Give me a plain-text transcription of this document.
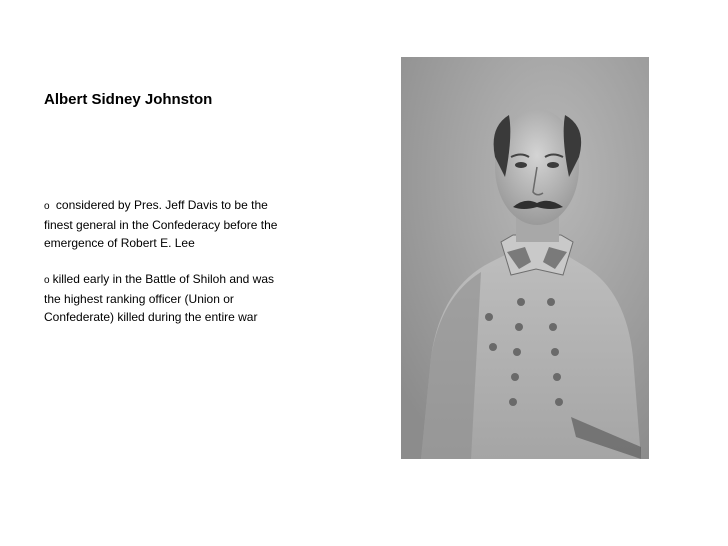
Albert Sidney Johnston
o considered by Pres. Jeff Davis to be the finest general in the Confederacy before the emergence of Robert E. Lee
o killed early in the Battle of Shiloh and was the highest ranking officer (Union or Confederate) killed during the entire war
